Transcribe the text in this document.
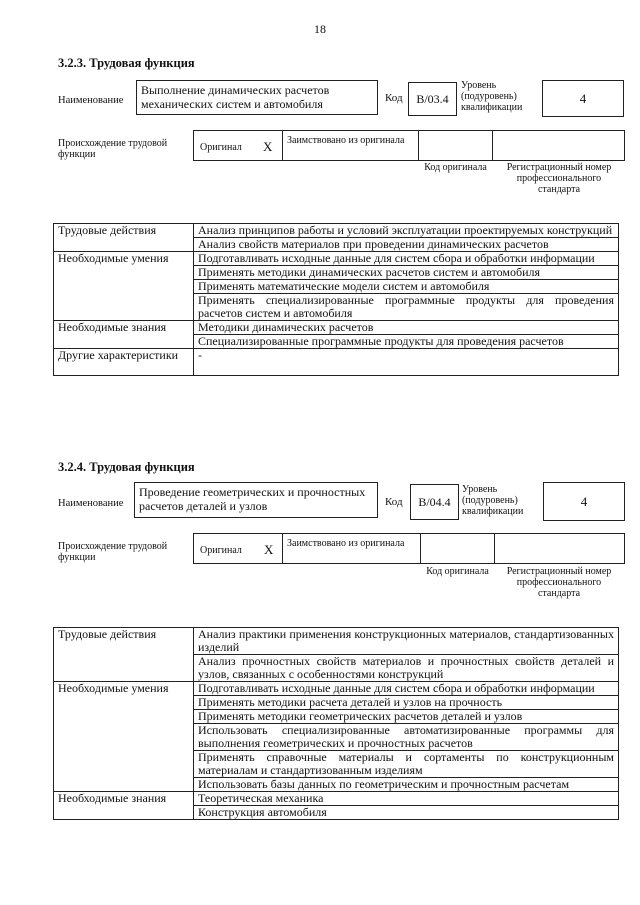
18
3.2.3. Трудовая функция
Наименование
Выполнение динамических расчетов механических систем и автомобиля	Код	B/03.4
Уровень (подуровень) квалификации
4
Происхождение трудовой функции
Оригинал X Заимствовано из оригинала
Код оригинала	Регистрационный номер профессионального стандарта
Трудовые действия	Анализ принципов работы и условий эксплуатации проектируемых конструкций
	Анализ свойств материалов при проведении динамических расчетов
Необходимые умения	Подготавливать исходные данные для систем сбора и обработки информации
	Применять методики динамических расчетов систем и автомобиля
	Применять математические модели систем и автомобиля
	Применять специализированные программные продукты для проведения расчетов систем и автомобиля
Необходимые знания	Методики динамических расчетов
	Специализированные программные продукты для проведения расчетов
Другие характеристики	-
3.2.4. Трудовая функция
Наименование
Проведение геометрических и прочностных расчетов деталей и узлов	Код	B/04.4
Уровень (подуровень) квалификации
4
Происхождение трудовой функции
Оригинал X Заимствовано из оригинала
Код оригинала	Регистрационный номер профессионального стандарта
Трудовые действия	Анализ практики применения конструкционных материалов, стандартизованных изделий
	Анализ прочностных свойств материалов и прочностных свойств деталей и узлов, связанных с особенностями конструкций
Необходимые умения	Подготавливать исходные данные для систем сбора и обработки информации
	Применять методики расчета деталей и узлов на прочность
	Применять методики геометрических расчетов деталей и узлов
	Использовать специализированные автоматизированные программы для выполнения геометрических и прочностных расчетов
	Применять справочные материалы и сортаменты по конструкционным материалам и стандартизованным изделиям
	Использовать базы данных по геометрическим и прочностным расчетам
Необходимые знания	Теоретическая механика
	Конструкция автомобиля
